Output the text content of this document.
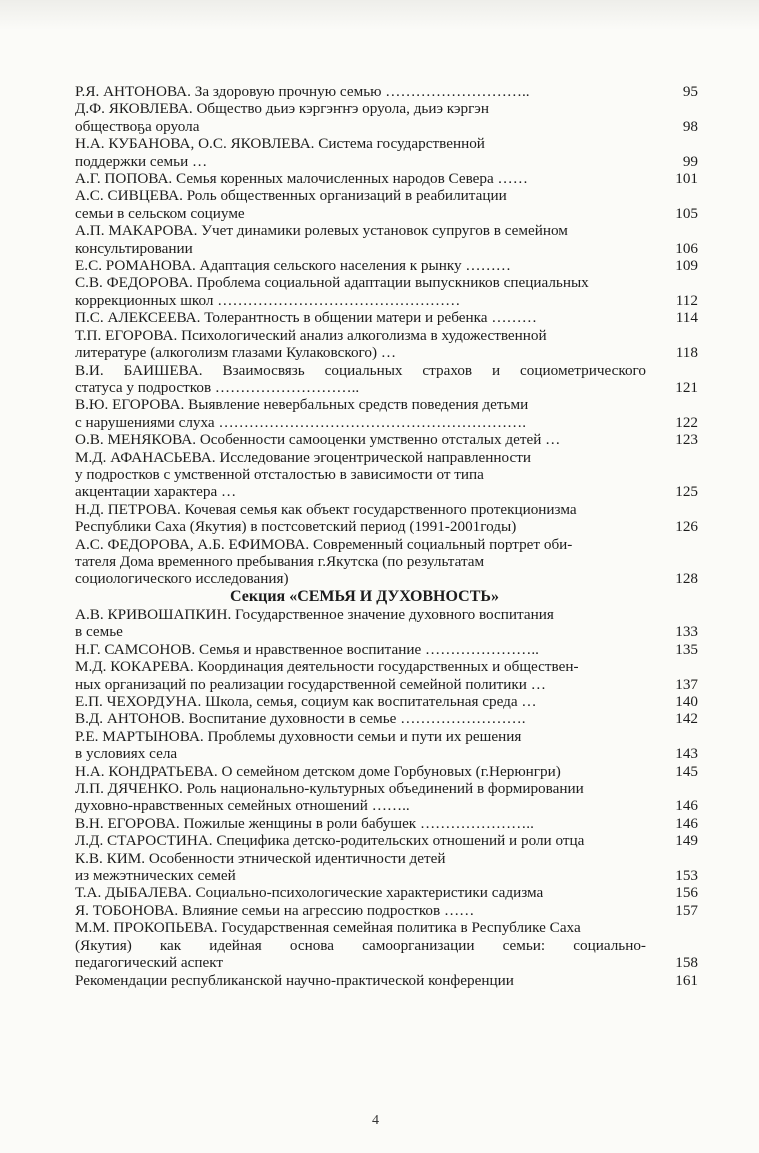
Р.Я. АНТОНОВА. За здоровую прочную семью ………………………..	95
Д.Ф. ЯКОВЛЕВА. Общество дьиэ кэргэҥҥэ оруола, дьиэ кэргэн
обществоҕа оруола	98
Н.А. КУБАНОВА, О.С. ЯКОВЛЕВА. Система государственной
поддержки семьи …	99
А.Г. ПОПОВА. Семья коренных малочисленных народов Севера ……	101
А.С. СИВЦЕВА. Роль общественных организаций в реабилитации
семьи в сельском социуме	105
А.П. МАКАРОВА. Учет динамики ролевых установок супругов в семейном
консультировании	106
Е.С. РОМАНОВА. Адаптация сельского населения к рынку ………	109
С.В. ФЕДОРОВА. Проблема социальной адаптации выпускников специальных
коррекционных школ …………………………………………	112
П.С. АЛЕКСЕЕВА. Толерантность в общении матери и ребенка ………	114
Т.П. ЕГОРОВА. Психологический анализ алкоголизма в художественной
литературе (алкоголизм глазами Кулаковского) …	118
В.И. БАИШЕВА. Взаимосвязь социальных страхов и социометрического
статуса у подростков ………………………..	121
В.Ю. ЕГОРОВА. Выявление невербальных средств поведения детьми
с нарушениями слуха …………………………………………………….	122
О.В. МЕНЯКОВА. Особенности самооценки умственно отсталых детей …	123
М.Д. АФАНАСЬЕВА. Исследование эгоцентрической направленности
у подростков с умственной отсталостью в зависимости от типа
акцентации характера …	125
Н.Д. ПЕТРОВА. Кочевая семья как объект государственного протекционизма
Республики Саха (Якутия) в постсоветский период (1991-2001годы)	126
А.С. ФЕДОРОВА, А.Б. ЕФИМОВА. Современный социальный портрет оби-
тателя Дома временного пребывания г.Якутска (по результатам
социологического исследования)	128
Секция «СЕМЬЯ И ДУХОВНОСТЬ»
А.В. КРИВОШАПКИН. Государственное значение духовного воспитания
в семье	133
Н.Г. САМСОНОВ. Семья и нравственное воспитание …………………..	135
М.Д. КОКАРЕВА. Координация деятельности государственных и обществен-
ных организаций по реализации государственной семейной политики …	137
Е.П. ЧЕХОРДУНА. Школа, семья, социум как воспитательная среда …	140
В.Д. АНТОНОВ. Воспитание духовности в семье …………………….	142
Р.Е. МАРТЫНОВА. Проблемы духовности семьи и пути их решения
в условиях села	143
Н.А. КОНДРАТЬЕВА. О семейном детском доме Горбуновых (г.Нерюнгри)	145
Л.П. ДЯЧЕНКО. Роль национально-культурных объединений в формировании
духовно-нравственных семейных отношений ……..	146
В.Н. ЕГОРОВА. Пожилые женщины в роли бабушек …………………..	146
Л.Д. СТАРОСТИНА. Специфика детско-родительских отношений и роли отца	149
К.В. КИМ. Особенности этнической идентичности детей
из межэтнических семей	153
Т.А. ДЫБАЛЕВА. Социально-психологические характеристики садизма	156
Я. ТОБОНОВА. Влияние семьи на агрессию подростков ……	157
М.М. ПРОКОПЬЕВА. Государственная семейная политика в Республике Саха
(Якутия) как идейная основа самоорганизации семьи: социально-
педагогический аспект	158
Рекомендации республиканской научно-практической конференции	161
4
